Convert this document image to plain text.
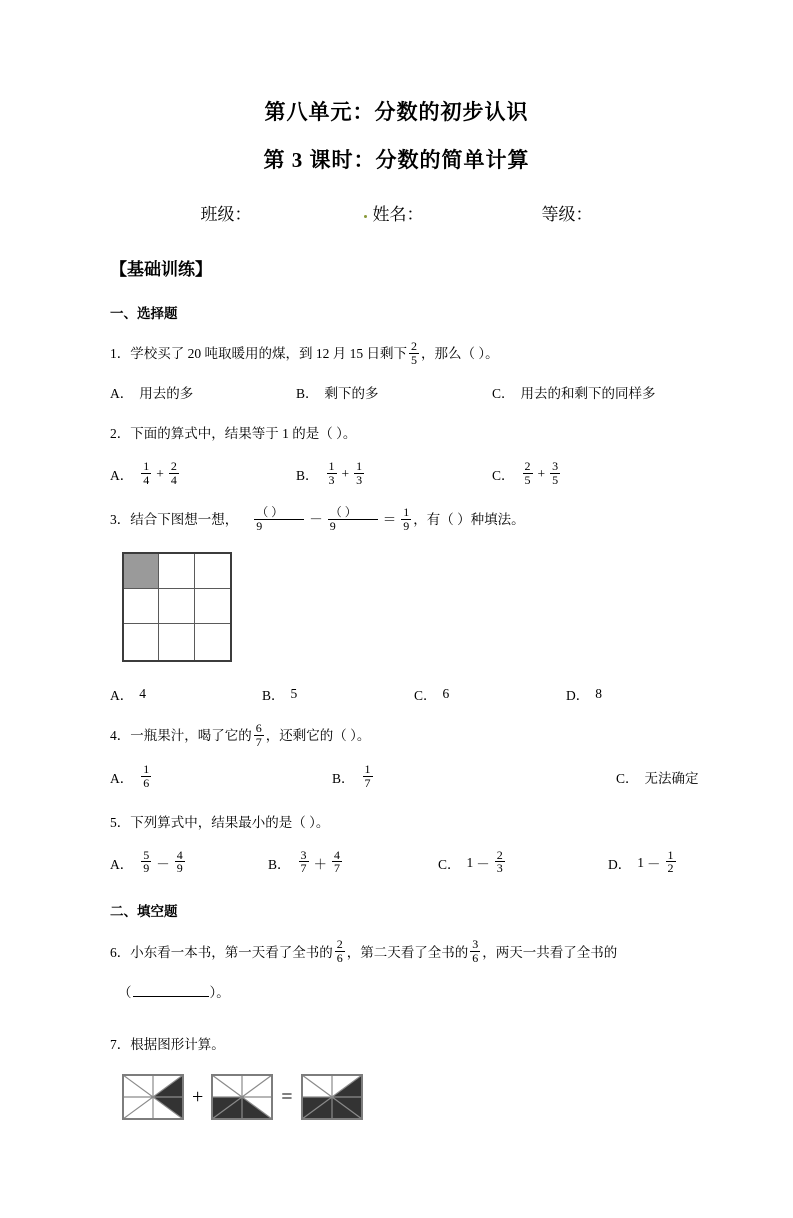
第八单元：分数的初步认识
第 3 课时：分数的简单计算
班级：	姓名：	等级：
【基础训练】
一、选择题
1．学校买了 20 吨取暖用的煤，到 12 月 15 日剩下 $\frac{2}{5}$ ，那么（ ）。
A． 用去的多	B． 剩下的多	C． 用去的和剩下的同样多
2．下面的算式中，结果等于 1 的是（ ）。
A． $\frac{1}{4} + \frac{2}{4}$	B． $\frac{1}{3} + \frac{1}{3}$	C． $\frac{2}{5} + \frac{3}{5}$
3．结合下图想一想， $\frac{( )}{9} - \frac{( )}{9} = \frac{1}{9}$ ，有（ ）种填法。
A． 4	B． 5	C． 6	D． 8
4．一瓶果汁，喝了它的 $\frac{6}{7}$ ，还剩它的（ ）。
A． $\frac{1}{6}$	B． $\frac{1}{7}$	C． 无法确定
5．下列算式中，结果最小的是（ ）。
A． $\frac{5}{9} - \frac{4}{9}$	B． $\frac{3}{7} + \frac{4}{7}$	C． $1 - \frac{2}{3}$	D． $1 - \frac{1}{2}$
二、填空题
6．小东看一本书，第一天看了全书的 $\frac{2}{6}$ ，第二天看了全书的 $\frac{3}{6}$ ，两天一共看了全书的
（	）。
7．根据图形计算。
+	=
